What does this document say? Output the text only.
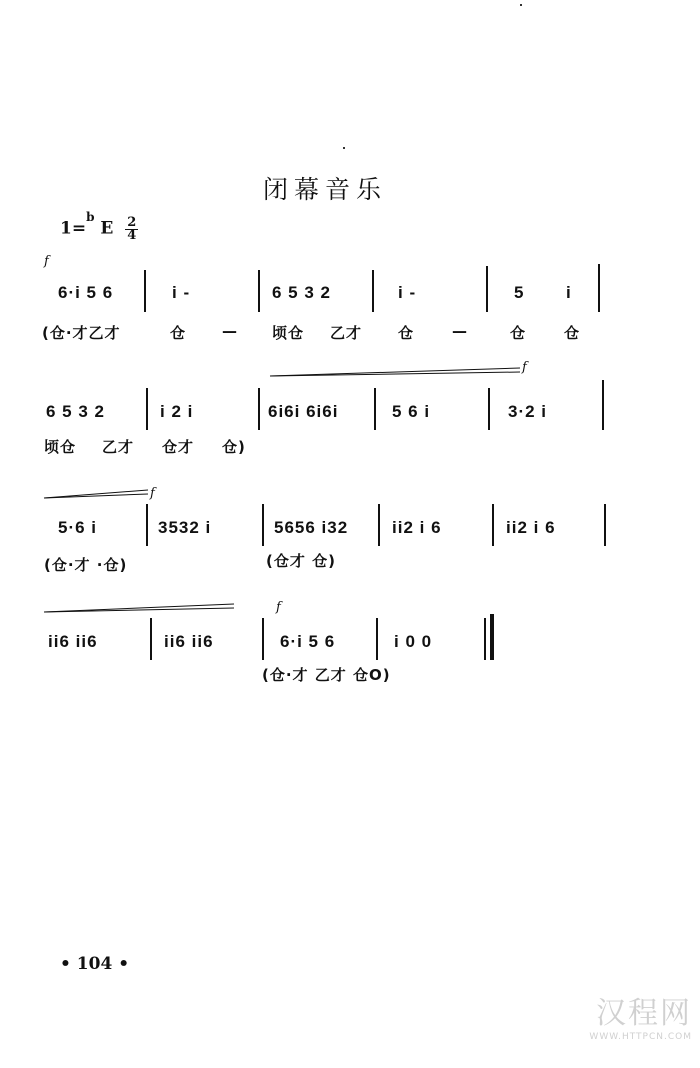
闭幕音乐
1=$^b$ E $\frac{2}{4}$
f
6·i 5 6	i -	6 5 3 2	i -	5 i
(仓·才乙才	仓 — 顷仓 乙才 仓	—	仓	仓
f
6 5 3 2	i 2 i	6i6i 6i6i	5 6 i	3·2 i
顷仓 乙才 仓才 仓)
f
5·6 i	3532 i	5656 i32	ii2 i 6	ii2 i 6
(仓·才 ·仓)	(仓才 仓)
f
ii6 ii6	ii6 ii6	6·i 5 6	i 0 0
(仓·才 乙才 仓O)
• 104 •
汉程网
WWW.HTTPCN.COM
